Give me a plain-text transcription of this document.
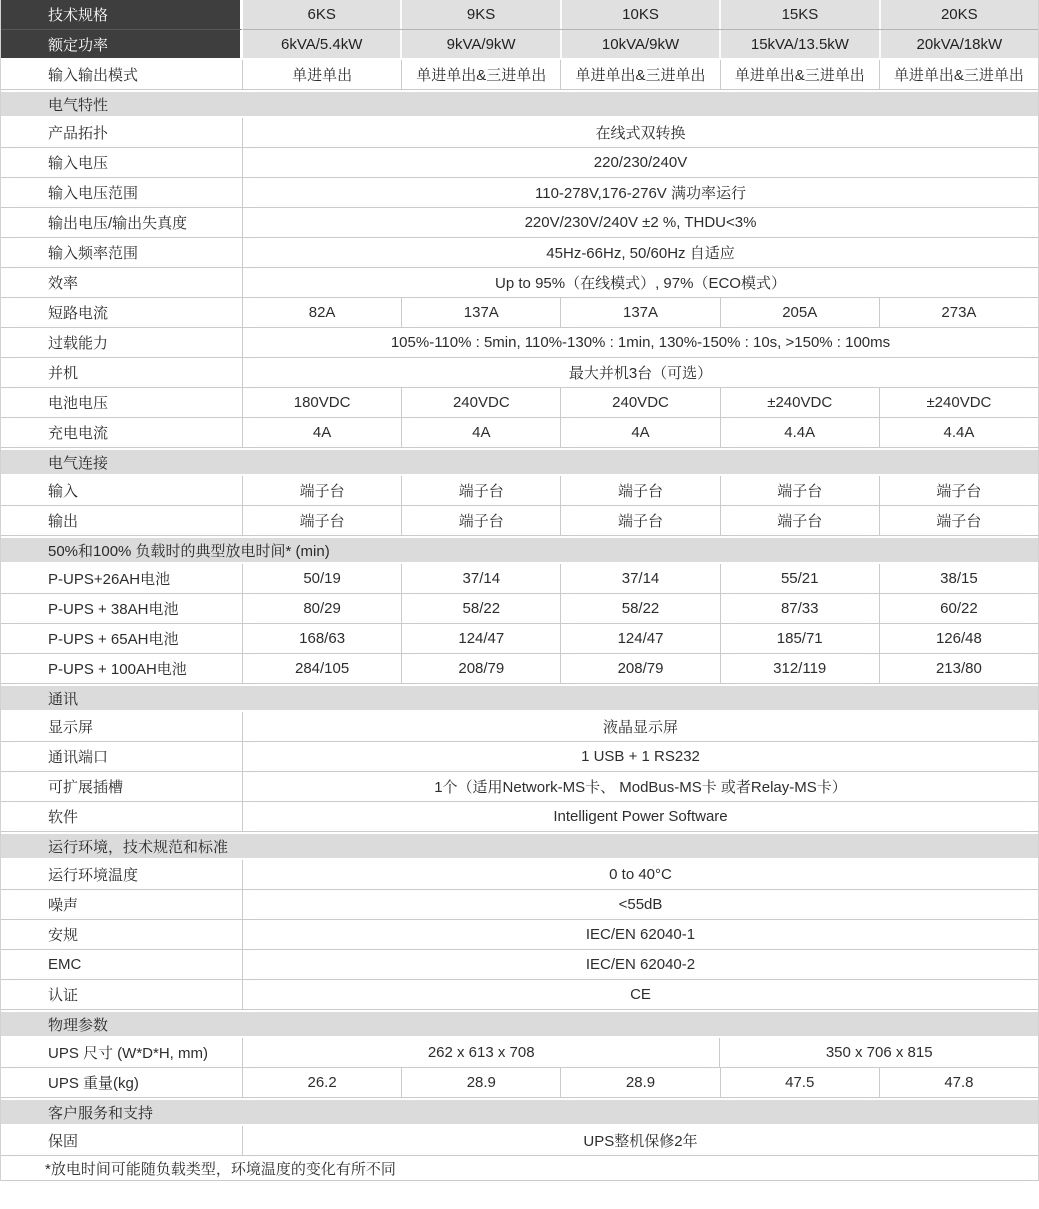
技术规格	6KS	9KS	10KS	15KS	20KS
额定功率	6kVA/5.4kW	9kVA/9kW	10kVA/9kW	15kVA/13.5kW	20kVA/18kW
输入输出模式	单进单出	单进单出&三进单出	单进单出&三进单出	单进单出&三进单出	单进单出&三进单出
电气特性
产品拓扑	在线式双转换
输入电压	220/230/240V
输入电压范围	110-278V,176-276V 满功率运行
输出电压/输出失真度	220V/230V/240V ±2 %, THDU<3%
输入频率范围	45Hz-66Hz, 50/60Hz 自适应
效率	Up to 95%（在线模式）, 97%（ECO模式）
短路电流	82A	137A	137A	205A	273A
过载能力	105%-110% : 5min, 110%-130% : 1min, 130%-150% : 10s, >150% : 100ms
并机	最大并机3台（可选）
电池电压	180VDC	240VDC	240VDC	±240VDC	±240VDC
充电电流	4A	4A	4A	4.4A	4.4A
电气连接
输入	端子台	端子台	端子台	端子台	端子台
输出	端子台	端子台	端子台	端子台	端子台
50%和100% 负载时的典型放电时间* (min)
P-UPS+26AH电池	50/19	37/14	37/14	55/21	38/15
P-UPS + 38AH电池	80/29	58/22	58/22	87/33	60/22
P-UPS + 65AH电池	168/63	124/47	124/47	185/71	126/48
P-UPS + 100AH电池	284/105	208/79	208/79	312/119	213/80
通讯
显示屏	液晶显示屏
通讯端口	1 USB + 1 RS232
可扩展插槽	1个（适用Network-MS卡、 ModBus-MS卡 或者Relay-MS卡）
软件	Intelligent Power Software
运行环境，技术规范和标准
运行环境温度	0 to 40°C
噪声	<55dB
安规	IEC/EN 62040-1
EMC	IEC/EN 62040-2
认证	CE
物理参数
UPS 尺寸 (W*D*H, mm)	262 x 613 x 708	350 x 706 x 815
UPS 重量(kg)	26.2	28.9	28.9	47.5	47.8
客户服务和支持
保固	UPS整机保修2年
*放电时间可能随负载类型，环境温度的变化有所不同
